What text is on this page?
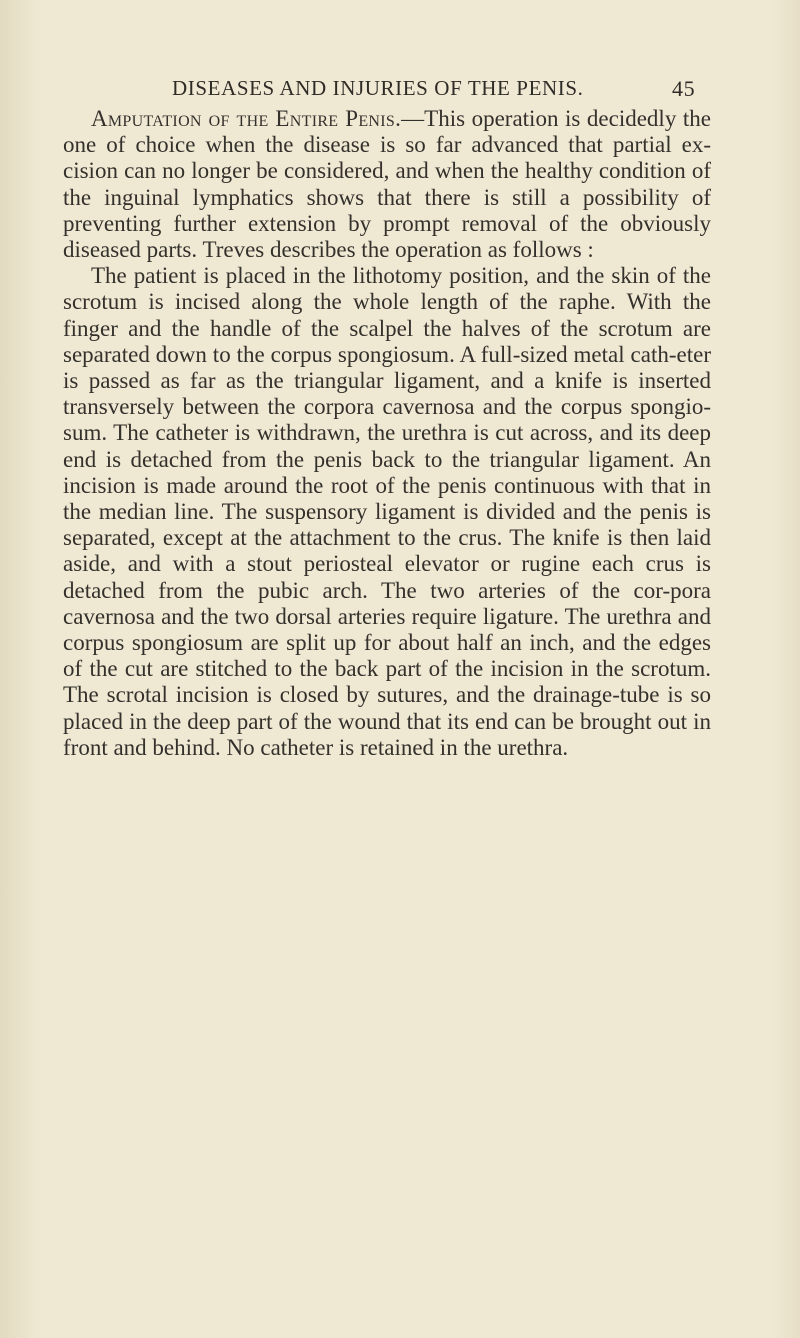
DISEASES AND INJURIES OF THE PENIS.	45

Amputation of the Entire Penis.—This operation is decidedly the one of choice when the disease is so far advanced that partial ex-cision can no longer be considered, and when the healthy condition of the inguinal lymphatics shows that there is still a possibility of preventing further extension by prompt removal of the obviously diseased parts. Treves describes the operation as follows :

The patient is placed in the lithotomy position, and the skin of the scrotum is incised along the whole length of the raphe. With the finger and the handle of the scalpel the halves of the scrotum are separated down to the corpus spongiosum. A full-sized metal cath-eter is passed as far as the triangular ligament, and a knife is inserted transversely between the corpora cavernosa and the corpus spongio-sum. The catheter is withdrawn, the urethra is cut across, and its deep end is detached from the penis back to the triangular ligament. An incision is made around the root of the penis continuous with that in the median line. The suspensory ligament is divided and the penis is separated, except at the attachment to the crus. The knife is then laid aside, and with a stout periosteal elevator or rugine each crus is detached from the pubic arch. The two arteries of the cor-pora cavernosa and the two dorsal arteries require ligature. The urethra and corpus spongiosum are split up for about half an inch, and the edges of the cut are stitched to the back part of the incision in the scrotum. The scrotal incision is closed by sutures, and the drainage-tube is so placed in the deep part of the wound that its end can be brought out in front and behind. No catheter is retained in the urethra.
